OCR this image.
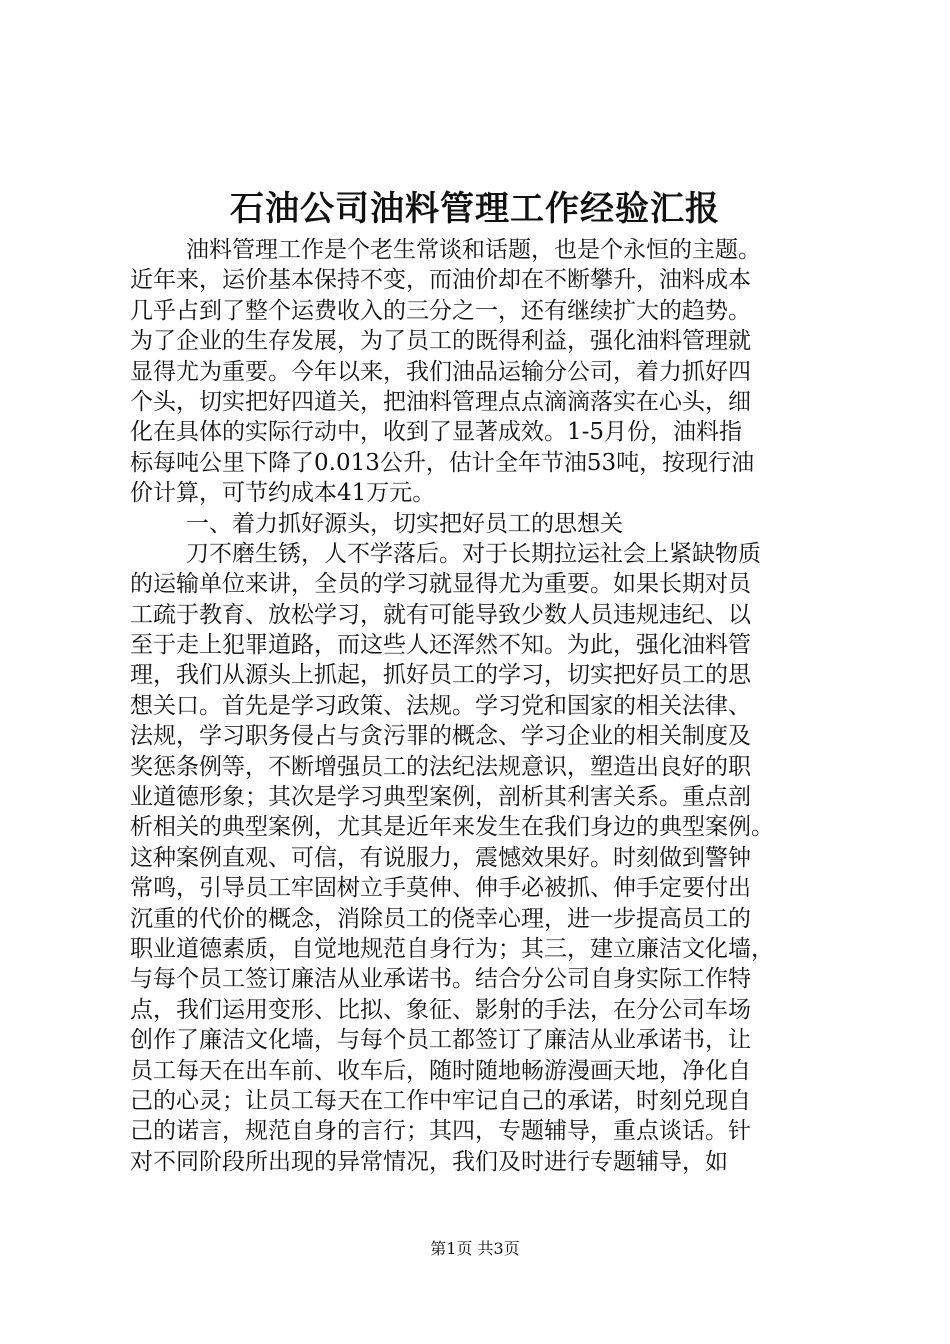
石油公司油料管理工作经验汇报
油料管理工作是个老生常谈和话题，也是个永恒的主题。
近年来，运价基本保持不变，而油价却在不断攀升，油料成本
几乎占到了整个运费收入的三分之一，还有继续扩大的趋势。
为了企业的生存发展，为了员工的既得利益，强化油料管理就
显得尤为重要。今年以来，我们油品运输分公司，着力抓好四
个头，切实把好四道关，把油料管理点点滴滴落实在心头，细
化在具体的实际行动中，收到了显著成效。1-5月份，油料指
标每吨公里下降了0.013公升，估计全年节油53吨，按现行油
价计算，可节约成本41万元。
一、着力抓好源头，切实把好员工的思想关
刀不磨生锈，人不学落后。对于长期拉运社会上紧缺物质
的运输单位来讲，全员的学习就显得尤为重要。如果长期对员
工疏于教育、放松学习，就有可能导致少数人员违规违纪、以
至于走上犯罪道路，而这些人还浑然不知。为此，强化油料管
理，我们从源头上抓起，抓好员工的学习，切实把好员工的思
想关口。首先是学习政策、法规。学习党和国家的相关法律、
法规，学习职务侵占与贪污罪的概念、学习企业的相关制度及
奖惩条例等，不断增强员工的法纪法规意识，塑造出良好的职
业道德形象；其次是学习典型案例，剖析其利害关系。重点剖
析相关的典型案例，尤其是近年来发生在我们身边的典型案例。
这种案例直观、可信，有说服力，震憾效果好。时刻做到警钟
常鸣，引导员工牢固树立手莫伸、伸手必被抓、伸手定要付出
沉重的代价的概念，消除员工的侥幸心理，进一步提高员工的
职业道德素质，自觉地规范自身行为；其三，建立廉洁文化墙，
与每个员工签订廉洁从业承诺书。结合分公司自身实际工作特
点，我们运用变形、比拟、象征、影射的手法，在分公司车场
创作了廉洁文化墙，与每个员工都签订了廉洁从业承诺书，让
员工每天在出车前、收车后，随时随地畅游漫画天地，净化自
己的心灵；让员工每天在工作中牢记自己的承诺，时刻兑现自
己的诺言，规范自身的言行；其四，专题辅导，重点谈话。针
对不同阶段所出现的异常情况，我们及时进行专题辅导，如
第1页 共3页
